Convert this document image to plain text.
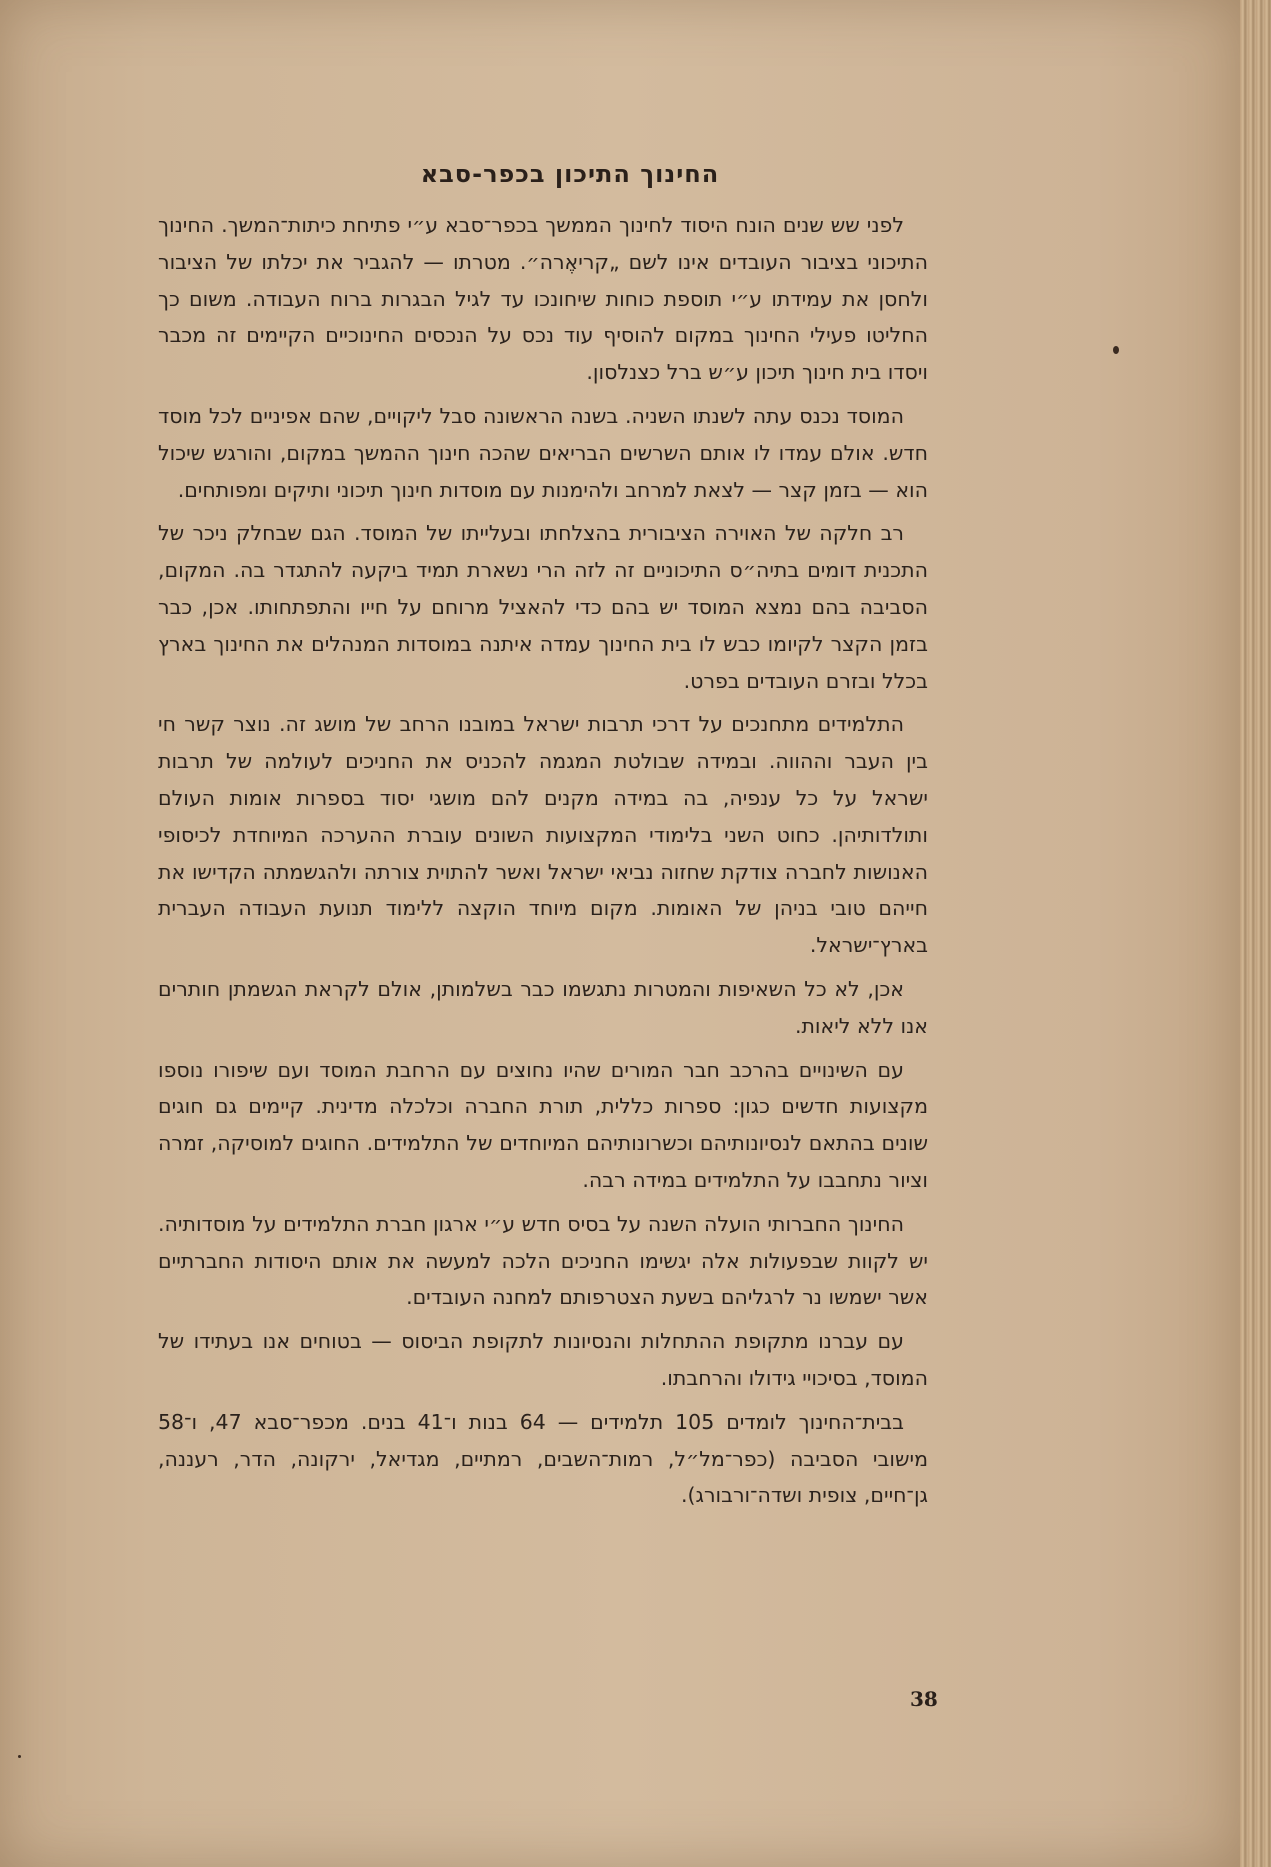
החינוך התיכון בכפר-סבא

לפני שש שנים הונח היסוד לחינוך הממשך בכפר־סבא ע״י פתיחת כיתות־המשך. החינוך התיכוני בציבור העובדים אינו לשם „קריאֶרה״. מטרתו — להגביר את יכלתו של הציבור ולחסן את עמידתו ע״י תוספת כוחות שיחונכו עד לגיל הבגרות ברוח העבודה. משום כך החליטו פעילי החינוך במקום להוסיף עוד נכס על הנכסים החינוכיים הקיימים זה מכבר ויסדו בית חינוך תיכון ע״ש ברל כצנלסון.

המוסד נכנס עתה לשנתו השניה. בשנה הראשונה סבל ליקויים, שהם אפיניים לכל מוסד חדש. אולם עמדו לו אותם השרשים הבריאים שהכה חינוך ההמשך במקום, והורגש שיכול הוא — בזמן קצר — לצאת למרחב ולהימנות עם מוסדות חינוך תיכוני ותיקים ומפותחים.

רב חלקה של האוירה הציבורית בהצלחתו ובעלייתו של המוסד. הגם שבחלק ניכר של התכנית דומים בתיה״ס התיכוניים זה לזה הרי נשארת תמיד ביקעה להתגדר בה. המקום, הסביבה בהם נמצא המוסד יש בהם כדי להאציל מרוחם על חייו והתפתחותו. אכן, כבר בזמן הקצר לקיומו כבש לו בית החינוך עמדה איתנה במוסדות המנהלים את החינוך בארץ בכלל ובזרם העובדים בפרט.

התלמידים מתחנכים על דרכי תרבות ישראל במובנו הרחב של מושג זה. נוצר קשר חי בין העבר וההווה. ובמידה שבולטת המגמה להכניס את החניכים לעולמה של תרבות ישראל על כל ענפיה, בה במידה מקנים להם מושגי יסוד בספרות אומות העולם ותולדותיהן. כחוט השני בלימודי המקצועות השונים עוברת ההערכה המיוחדת לכיסופי האנושות לחברה צודקת שחזוה נביאי ישראל ואשר להתוית צורתה ולהגשמתה הקדישו את חייהם טובי בניהן של האומות. מקום מיוחד הוקצה ללימוד תנועת העבודה העברית בארץ־ישראל.

אכן, לא כל השאיפות והמטרות נתגשמו כבר בשלמותן, אולם לקראת הגשמתן חותרים אנו ללא ליאות.

עם השינויים בהרכב חבר המורים שהיו נחוצים עם הרחבת המוסד ועם שיפורו נוספו מקצועות חדשים כגון: ספרות כללית, תורת החברה וכלכלה מדינית. קיימים גם חוגים שונים בהתאם לנסיונותיהם וכשרונותיהם המיוחדים של התלמידים. החוגים למוסיקה, זמרה וציור נתחבבו על התלמידים במידה רבה.

החינוך החברותי הועלה השנה על בסיס חדש ע״י ארגון חברת התלמידים על מוסדותיה. יש לקוות שבפעולות אלה יגשימו החניכים הלכה למעשה את אותם היסודות החברתיים אשר ישמשו נר לרגליהם בשעת הצטרפותם למחנה העובדים.

עם עברנו מתקופת ההתחלות והנסיונות לתקופת הביסוס — בטוחים אנו בעתידו של המוסד, בסיכויי גידולו והרחבתו.

בבית־החינוך לומדים 105 תלמידים — 64 בנות ו־41 בנים. מכפר־סבא 47, ו־58 מישובי הסביבה (כפר־מל״ל, רמות־השבים, רמתיים, מגדיאל, ירקונה, הדר, רעננה, גן־חיים, צופית ושדה־ורבורג).

38
